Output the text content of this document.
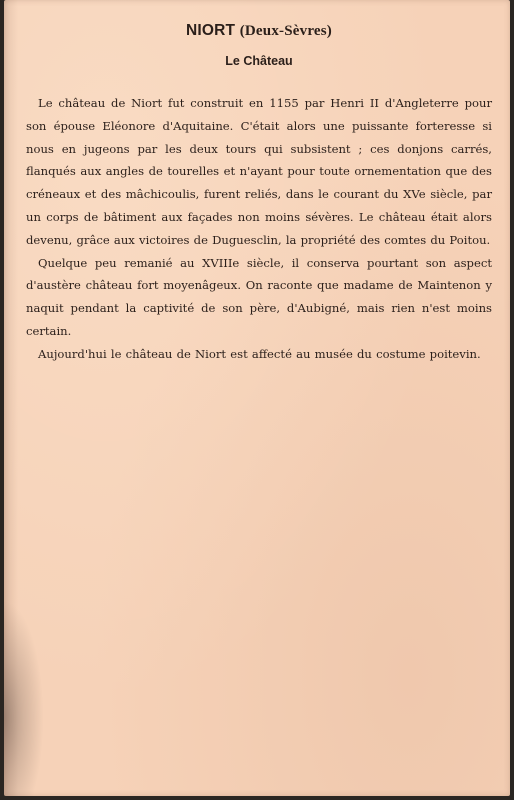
NIORT (Deux-Sèvres)
Le Château

Le château de Niort fut construit en 1155 par Henri II d'Angleterre pour son épouse Eléonore d'Aquitaine. C'était alors une puissante forteresse si nous en jugeons par les deux tours qui subsistent ; ces donjons carrés, flanqués aux angles de tourelles et n'ayant pour toute ornementation que des créneaux et des mâchicoulis, furent reliés, dans le courant du XVe siècle, par un corps de bâtiment aux façades non moins sévères. Le château était alors devenu, grâce aux victoires de Duguesclin, la propriété des comtes du Poitou.

Quelque peu remanié au XVIIIe siècle, il conserva pourtant son aspect d'austère château fort moyenâgeux. On raconte que madame de Maintenon y naquit pendant la captivité de son père, d'Aubigné, mais rien n'est moins certain.

Aujourd'hui le château de Niort est affecté au musée du costume poitevin.
